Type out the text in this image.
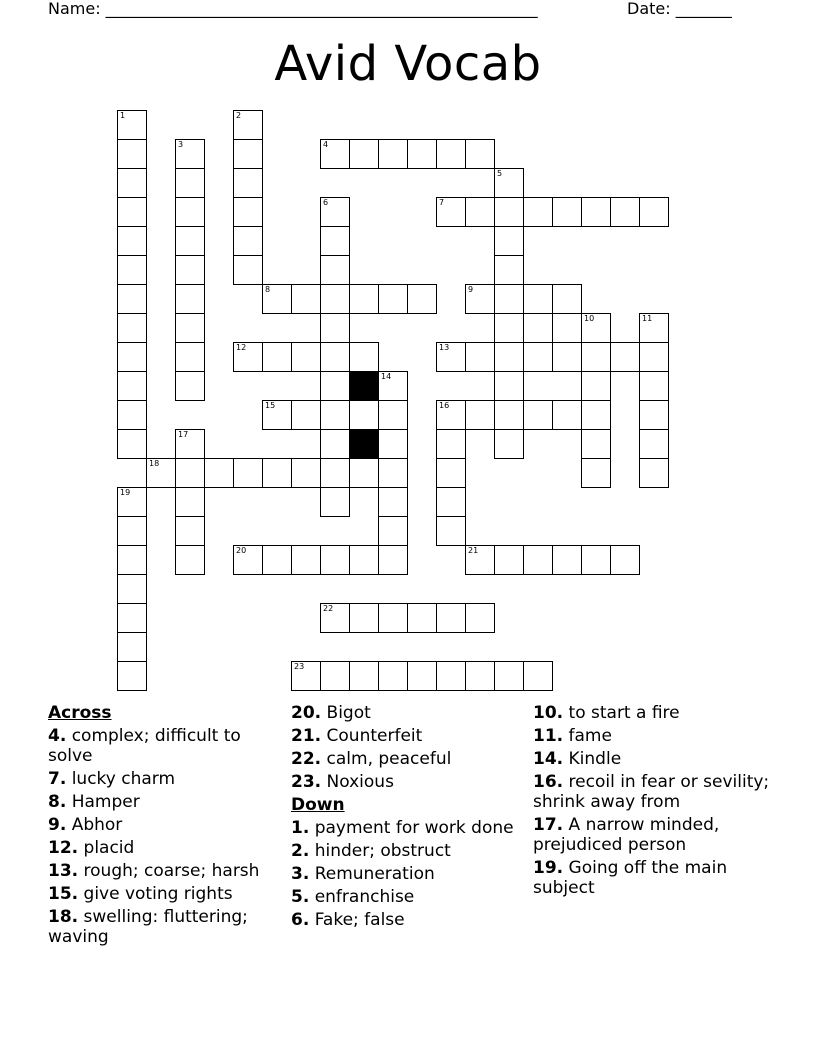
Name: ______________________________________________________	Date: _______
Avid Vocab
1	2
3	4
5
6	7
8	9
10	11
12	13
14
15	16
17
18
19
20	21
22
23
Across
4. complex; difficult to solve
7. lucky charm
8. Hamper
9. Abhor
12. placid
13. rough; coarse; harsh
15. give voting rights
18. swelling: fluttering; waving
20. Bigot
21. Counterfeit
22. calm, peaceful
23. Noxious
Down
1. payment for work done
2. hinder; obstruct
3. Remuneration
5. enfranchise
6. Fake; false
10. to start a fire
11. fame
14. Kindle
16. recoil in fear or sevility; shrink away from
17. A narrow minded, prejudiced person
19. Going off the main subject
